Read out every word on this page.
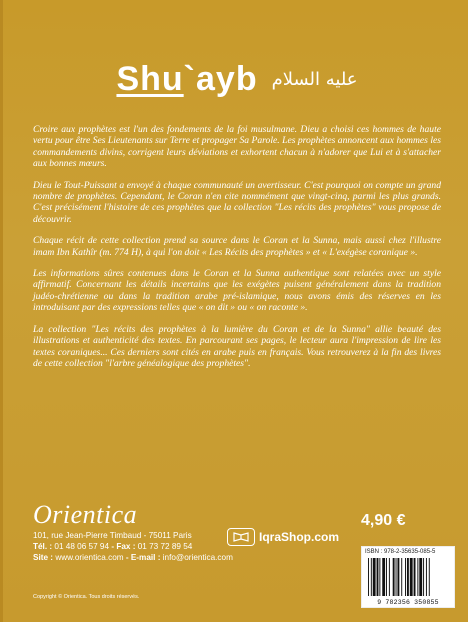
Shu`ayb عليه السلام

Croire aux prophètes est l'un des fondements de la foi musulmane. Dieu a choisi ces hommes de haute vertu pour être Ses Lieutenants sur Terre et propager Sa Parole. Les prophètes annoncent aux hommes les commandements divins, corrigent leurs déviations et exhortent chacun à n'adorer que Lui et à s'attacher aux bonnes mœurs.

Dieu le Tout-Puissant a envoyé à chaque communauté un avertisseur. C'est pourquoi on compte un grand nombre de prophètes. Cependant, le Coran n'en cite nommément que vingt-cinq, parmi les plus grands. C'est précisément l'histoire de ces prophètes que la collection "Les récits des prophètes" vous propose de découvrir.

Chaque récit de cette collection prend sa source dans le Coran et la Sunna, mais aussi chez l'illustre imam Ibn Kathîr (m. 774 H), à qui l'on doit « Les Récits des prophètes » et « L'exégèse coranique ».

Les informations sûres contenues dans le Coran et la Sunna authentique sont relatées avec un style affirmatif. Concernant les détails incertains que les exégètes puisent généralement dans la tradition judéo-chrétienne ou dans la tradition arabe pré-islamique, nous avons émis des réserves en les introduisant par des expressions telles que « on dit » ou « on raconte ».

La collection "Les récits des prophètes à la lumière du Coran et de la Sunna" allie beauté des illustrations et authenticité des textes. En parcourant ses pages, le lecteur aura l'impression de lire les textes coraniques... Ces derniers sont cités en arabe puis en français. Vous retrouverez à la fin des livres de cette collection "l'arbre généalogique des prophètes".

Orientica
101, rue Jean-Pierre Timbaud - 75011 Paris
Tél. : 01 48 06 57 94 - Fax : 01 73 72 89 54
Site : www.orientica.com - E-mail : info@orientica.com
Copyright © Orientica. Tous droits réservés.
IqraShop.com
4,90 €
ISBN : 978-2-35635-085-5
9 782356 350855
